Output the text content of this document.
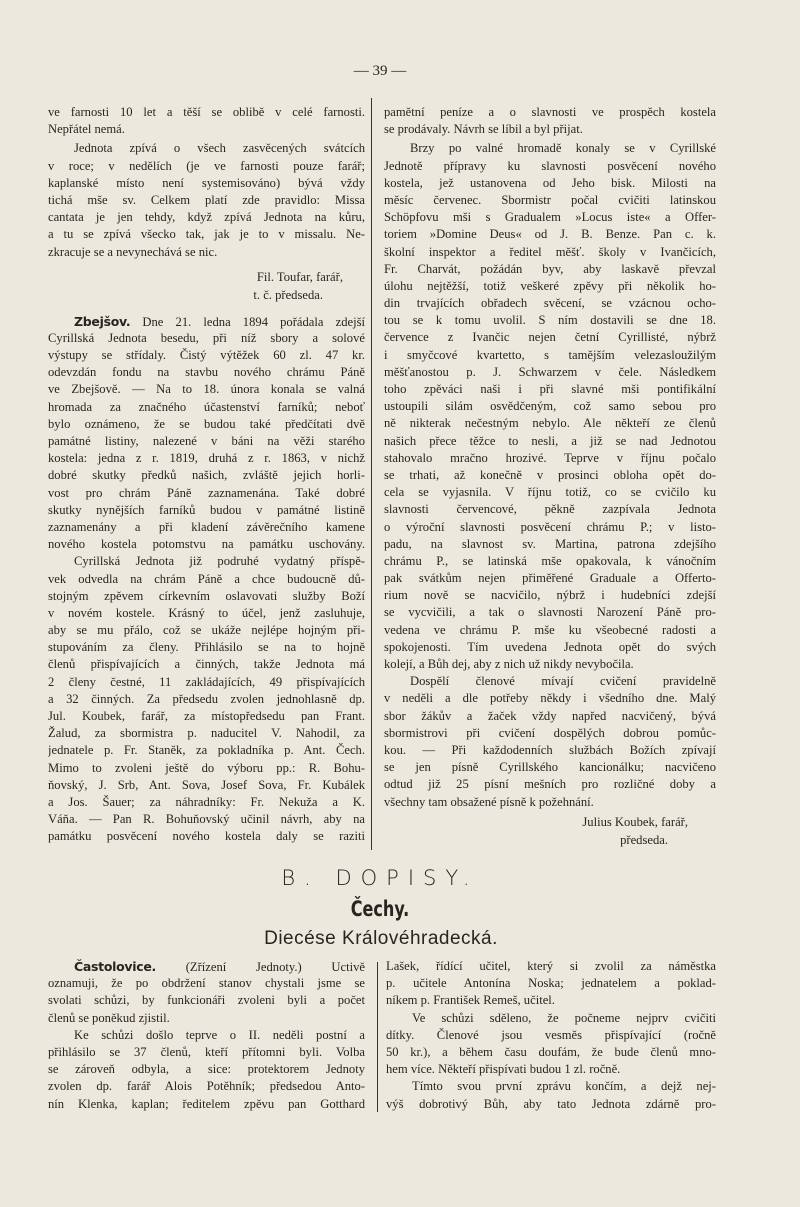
— 39 —
ve farnosti 10 let a těší se oblibě v celé farnosti.
Nepřátel nemá.
Jednota zpívá o všech zasvěcených svátcích
v roce; v nedělích (je ve farnosti pouze farář;
kaplanské místo není systemisováno) bývá vždy
tichá mše sv. Celkem platí zde pravidlo: Missa
cantata je jen tehdy, když zpívá Jednota na kůru,
a tu se zpívá všecko tak, jak je to v missalu. Ne-
zkracuje se a nevynechává se nic.
Fil. Toufar, farář,
t. č. předseda.
Zbejšov. Dne 21. ledna 1894 pořádala zdejší
Cyrillská Jednota besedu, při níž sbory a solové
výstupy se střídaly. Čistý výtěžek 60 zl. 47 kr.
odevzdán fondu na stavbu nového chrámu Páně
ve Zbejšově. — Na to 18. února konala se valná
hromada za značného účastenství farníků; neboť
bylo oznámeno, že se budou také předčítati dvě
památné listiny, nalezené v báni na věži starého
kostela: jedna z r. 1819, druhá z r. 1863, v nichž
dobré skutky předků našich, zvláště jejich horli-
vost pro chrám Páně zaznamenána. Také dobré
skutky nynějších farníků budou v památné listině
zaznamenány a při kladení závěrečního kamene
nového kostela potomstvu na památku uschovány.
Cyrillská Jednota již podruhé vydatný příspě-
vek odvedla na chrám Páně a chce budoucně dů-
stojným zpěvem církevním oslavovati služby Boží
v novém kostele. Krásný to účel, jenž zasluhuje,
aby se mu přálo, což se ukáže nejlépe hojným při-
stupováním za členy. Přihlásilo se na to hojně
členů přispívajících a činných, takže Jednota má
2 členy čestné, 11 zakládajících, 49 přispívajících
a 32 činných. Za předsedu zvolen jednohlasně dp.
Jul. Koubek, farář, za místopředsedu pan Frant.
Žalud, za sbormistra p. naducitel V. Nahodil, za
jednatele p. Fr. Staněk, za pokladníka p. Ant. Čech.
Mimo to zvoleni ještě do výboru pp.: R. Bohu-
ňovský, J. Srb, Ant. Sova, Josef Sova, Fr. Kubálek
a Jos. Šauer; za náhradníky: Fr. Nekuža a K.
Váňa. — Pan R. Bohuňovský učinil návrh, aby na
památku posvěcení nového kostela daly se raziti
pamětní peníze a o slavnosti ve prospěch kostela
se prodávaly. Návrh se líbil a byl přijat.
Brzy po valné hromadě konaly se v Cyrillské
Jednotě přípravy ku slavnosti posvěcení nového
kostela, jež ustanovena od Jeho bisk. Milosti na
měsíc červenec. Sbormistr počal cvičiti latinskou
Schöpfovu mši s Gradualem »Locus iste« a Offer-
toriem »Domine Deus« od J. B. Benze. Pan c. k.
školní inspektor a ředitel měšť. školy v Ivančicích,
Fr. Charvát, požádán byv, aby laskavě převzal
úlohu nejtěžší, totiž veškeré zpěvy při několik ho-
din trvajících obřadech svěcení, se vzácnou ocho-
tou se k tomu uvolil. S ním dostavili se dne 18.
července z Ivančic nejen četní Cyrillisté, nýbrž
i smyčcové kvartetto, s tamějším velezasloužilým
měšťanostou p. J. Schwarzem v čele. Následkem
toho zpěváci naši i při slavné mši pontifikální
ustoupili silám osvědčeným, což samo sebou pro
ně nikterak nečestným nebylo. Ale někteří ze členů
našich přece těžce to nesli, a již se nad Jednotou
stahovalo mračno hrozivé. Teprve v říjnu počalo
se trhati, až konečně v prosinci obloha opět do-
cela se vyjasnila. V říjnu totiž, co se cvičilo ku
slavnosti červencové, pěkně zazpívala Jednota
o výroční slavnosti posvěcení chrámu P.; v listo-
padu, na slavnost sv. Martina, patrona zdejšího
chrámu P., se latinská mše opakovala, k vánočním
pak svátkům nejen přiměřené Graduale a Offerto-
rium nově se nacvičilo, nýbrž i hudebníci zdejší
se vycvičili, a tak o slavnosti Narození Páně pro-
vedena ve chrámu P. mše ku všeobecné radosti a
spokojenosti. Tím uvedena Jednota opět do svých
kolejí, a Bůh dej, aby z nich už nikdy nevybočila.
Dospělí členové mívají cvičení pravidelně
v neděli a dle potřeby někdy i všedního dne. Malý
sbor žákův a žaček vždy napřed nacvičený, bývá
sbormistrovi při cvičení dospělých dobrou pomůc-
kou. — Při každodenních službách Božích zpívají
se jen písně Cyrillského kancionálku; nacvičeno
odtud již 25 písní mešních pro rozličné doby a
všechny tam obsažené písně k požehnání.
Julius Koubek, farář,
předseda.
B. DOPISY.
Čechy.
Diecése Královéhradecká.
Častolovice. (Zřízení Jednoty.) Uctivě
oznamuji, že po obdržení stanov chystali jsme se
svolati schůzi, by funkcionáři zvoleni byli a počet
členů se poněkud zjistil.
Ke schůzi došlo teprve o II. neděli postní a
přihlásilo se 37 členů, kteří přítomni byli. Volba
se zároveň odbyla, a sice: protektorem Jednoty
zvolen dp. farář Alois Potěhník; předsedou Anto-
nín Klenka, kaplan; ředitelem zpěvu pan Gotthard
Lašek, řídící učitel, který si zvolil za náměstka
p. učitele Antonína Noska; jednatelem a poklad-
níkem p. František Remeš, učitel.
Ve schůzi sděleno, že počneme nejprv cvičiti
dítky. Členové jsou vesměs přispívající (ročně
50 kr.), a během času doufám, že bude členů mno-
hem více. Někteří přispívati budou 1 zl. ročně.
Tímto svou první zprávu končím, a dejž nej-
výš dobrotivý Bůh, aby tato Jednota zdárně pro-
